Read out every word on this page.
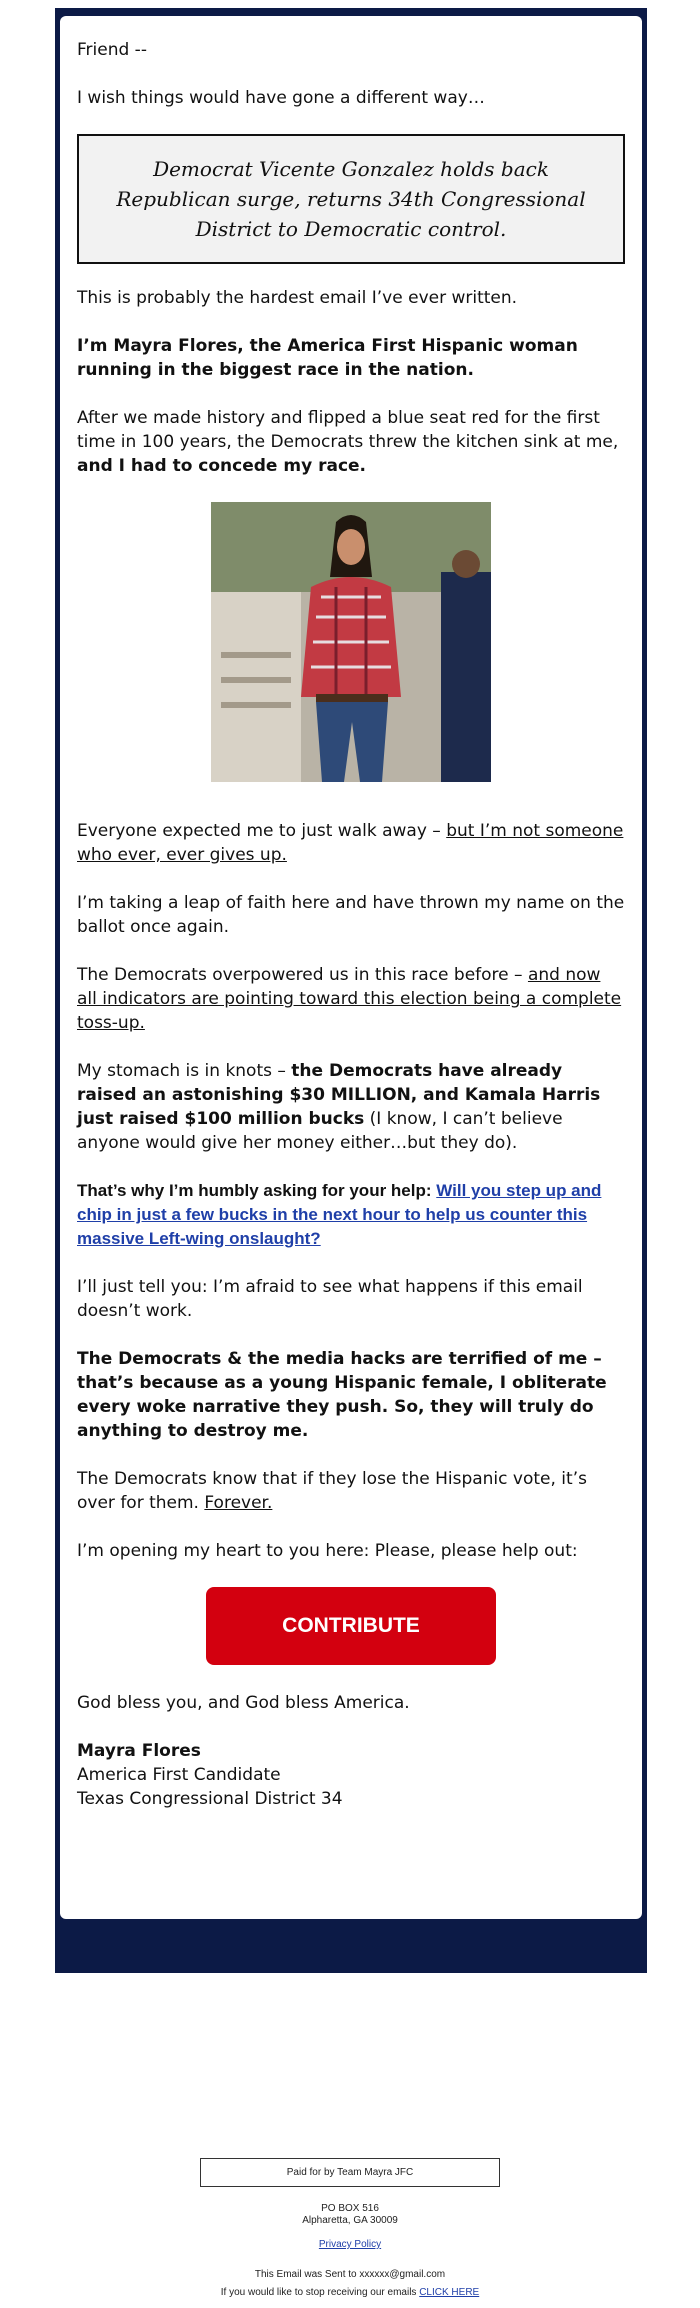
Friend --

I wish things would have gone a different way…

Democrat Vicente Gonzalez holds back Republican surge, returns 34th Congressional District to Democratic control.

This is probably the hardest email I’ve ever written.

I’m Mayra Flores, the America First Hispanic woman running in the biggest race in the nation.

After we made history and flipped a blue seat red for the first time in 100 years, the Democrats threw the kitchen sink at me, and I had to concede my race.

Everyone expected me to just walk away – but I’m not someone who ever, ever gives up.

I’m taking a leap of faith here and have thrown my name on the ballot once again.

The Democrats overpowered us in this race before – and now all indicators are pointing toward this election being a complete toss-up.

My stomach is in knots – the Democrats have already raised an astonishing $30 MILLION, and Kamala Harris just raised $100 million bucks (I know, I can’t believe anyone would give her money either…but they do).

That’s why I’m humbly asking for your help: Will you step up and chip in just a few bucks in the next hour to help us counter this massive Left-wing onslaught?

I’ll just tell you: I’m afraid to see what happens if this email doesn’t work.

The Democrats & the media hacks are terrified of me – that’s because as a young Hispanic female, I obliterate every woke narrative they push. So, they will truly do anything to destroy me.

The Democrats know that if they lose the Hispanic vote, it’s over for them. Forever.

I’m opening my heart to you here: Please, please help out:

CONTRIBUTE

God bless you, and God bless America.

Mayra Flores

America First Candidate

Texas Congressional District 34

Paid for by Team Mayra JFC
PO BOX 516
Alpharetta, GA 30009
Privacy Policy
This Email was Sent to xxxxxx@gmail.com
If you would like to stop receiving our emails CLICK HERE
